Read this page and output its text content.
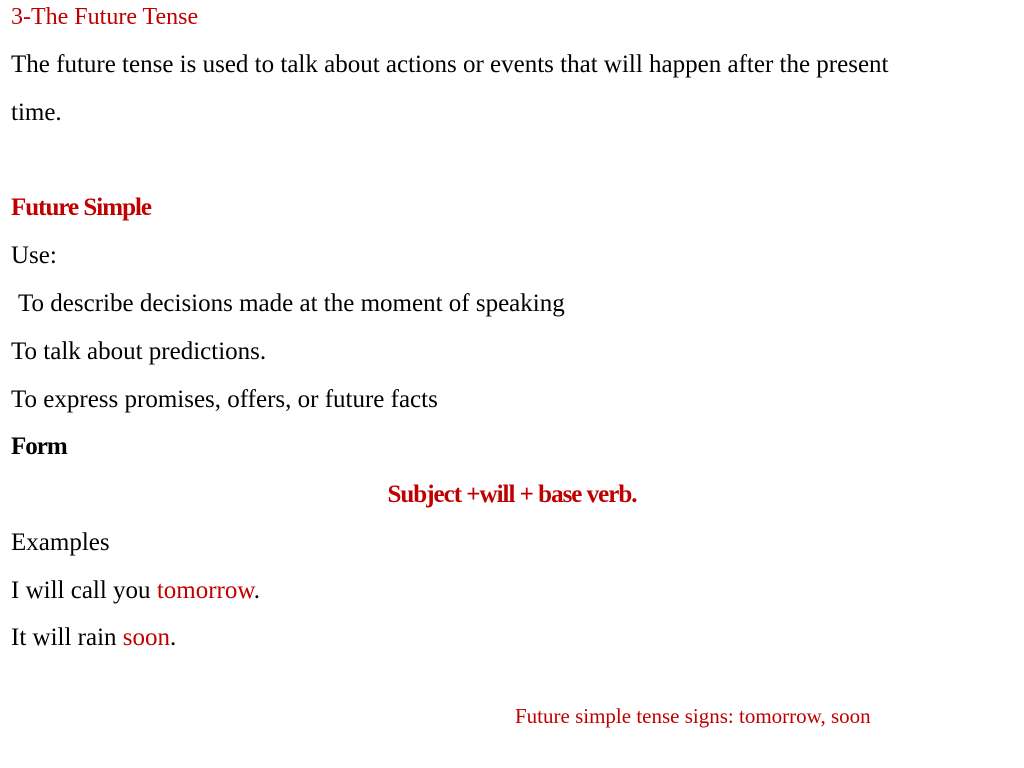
3-The Future Tense
The future tense is used to talk about actions or events that will happen after the present
time.
Future Simple
Use:
To describe decisions made at the moment of speaking
To talk about predictions.
To express promises, offers, or future facts
Form
Subject +will + base verb.
Examples
I will call you tomorrow.
It will rain soon.
Future simple tense signs: tomorrow, soon
